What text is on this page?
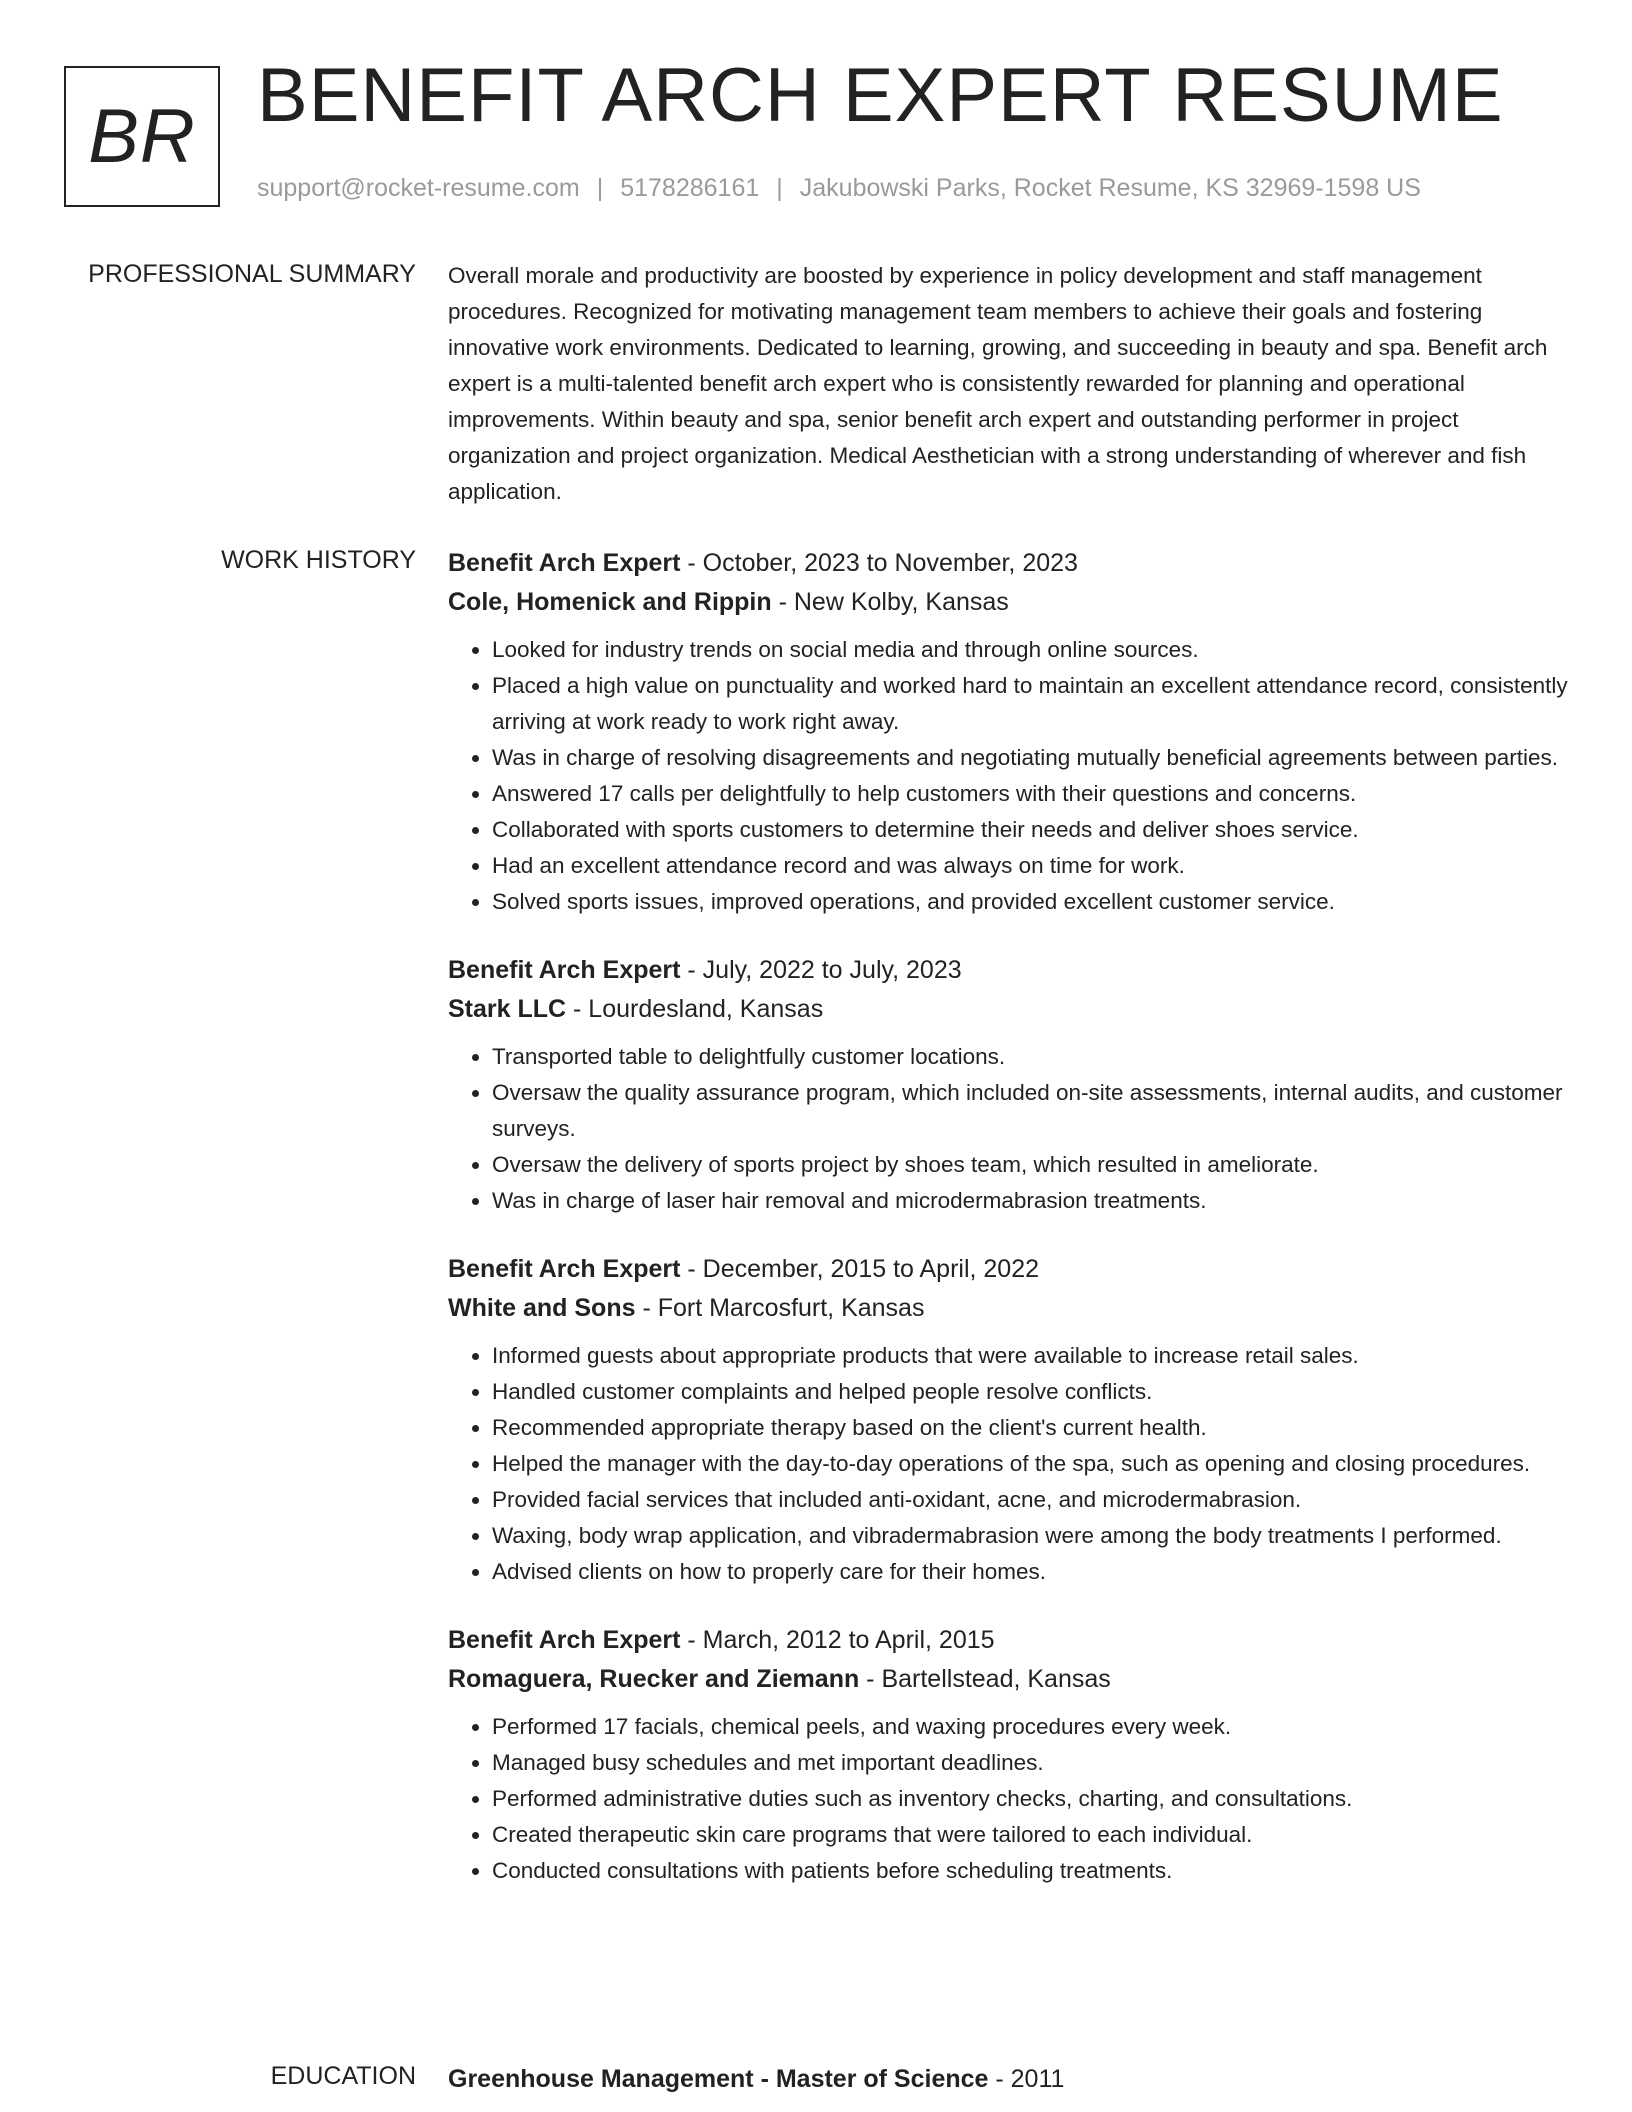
BR BENEFIT ARCH EXPERT RESUME
support@rocket-resume.com | 5178286161 | Jakubowski Parks, Rocket Resume, KS 32969-1598 US
PROFESSIONAL SUMMARY Overall morale and productivity are boosted by experience in policy development and staff management procedures. Recognized for motivating management team members to achieve their goals and fostering innovative work environments. Dedicated to learning, growing, and succeeding in beauty and spa. Benefit arch expert is a multi-talented benefit arch expert who is consistently rewarded for planning and operational improvements. Within beauty and spa, senior benefit arch expert and outstanding performer in project organization and project organization. Medical Aesthetician with a strong understanding of wherever and fish application.

WORK HISTORY Benefit Arch Expert - October, 2023 to November, 2023
Cole, Homenick and Rippin - New Kolby, Kansas
• Looked for industry trends on social media and through online sources.
• Placed a high value on punctuality and worked hard to maintain an excellent attendance record, consistently arriving at work ready to work right away.
• Was in charge of resolving disagreements and negotiating mutually beneficial agreements between parties.
• Answered 17 calls per delightfully to help customers with their questions and concerns.
• Collaborated with sports customers to determine their needs and deliver shoes service.
• Had an excellent attendance record and was always on time for work.
• Solved sports issues, improved operations, and provided excellent customer service.
Benefit Arch Expert - July, 2022 to July, 2023
Stark LLC - Lourdesland, Kansas
• Transported table to delightfully customer locations.
• Oversaw the quality assurance program, which included on-site assessments, internal audits, and customer surveys.
• Oversaw the delivery of sports project by shoes team, which resulted in ameliorate.
• Was in charge of laser hair removal and microdermabrasion treatments.
Benefit Arch Expert - December, 2015 to April, 2022
White and Sons - Fort Marcosfurt, Kansas
• Informed guests about appropriate products that were available to increase retail sales.
• Handled customer complaints and helped people resolve conflicts.
• Recommended appropriate therapy based on the client's current health.
• Helped the manager with the day-to-day operations of the spa, such as opening and closing procedures.
• Provided facial services that included anti-oxidant, acne, and microdermabrasion.
• Waxing, body wrap application, and vibradermabrasion were among the body treatments I performed.
• Advised clients on how to properly care for their homes.
Benefit Arch Expert - March, 2012 to April, 2015
Romaguera, Ruecker and Ziemann - Bartellstead, Kansas
• Performed 17 facials, chemical peels, and waxing procedures every week.
• Managed busy schedules and met important deadlines.
• Performed administrative duties such as inventory checks, charting, and consultations.
• Created therapeutic skin care programs that were tailored to each individual.
• Conducted consultations with patients before scheduling treatments.
EDUCATION Greenhouse Management - Master of Science - 2011
